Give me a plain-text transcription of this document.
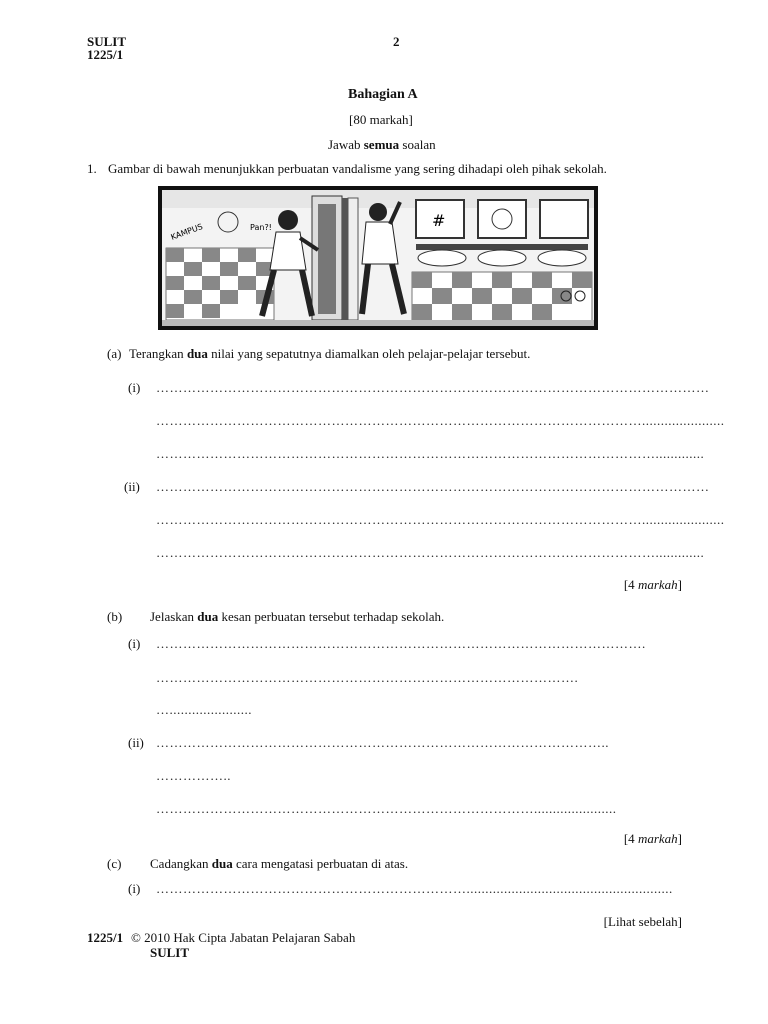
SULIT
1225/1
2
Bahagian A
[80 markah]
Jawab semua soalan
1. Gambar di bawah menunjukkan perbuatan vandalisme yang sering dihadapi oleh pihak sekolah.
KAMPUS	Pan?!	#
(a) Terangkan dua nilai yang sepatutnya diamalkan oleh pelajar-pelajar tersebut.
(i) ……………………………………………………………………………………………………………
………………………………………………………………………………………………......................
………………………………………………………………………………………………….............
(ii) ……………………………………………………………………………………………………………
………………………………………………………………………………………………......................
………………………………………………………………………………………………….............
[4 markah]
(b) Jelaskan dua kesan perbuatan tersebut terhadap sekolah.
(i) ……………………………………………………………………………………………….
………………………………………………………………………………….
…......................
(ii) ………………………………………………………………………………………..
……………..
…………………………………………………………………………......................
[4 markah]
(c) Cadangkan dua cara mengatasi perbuatan di atas.
(i) …………………………………………………………….......................................................
[Lihat sebelah]
1225/1 © 2010 Hak Cipta Jabatan Pelajaran Sabah
SULIT
